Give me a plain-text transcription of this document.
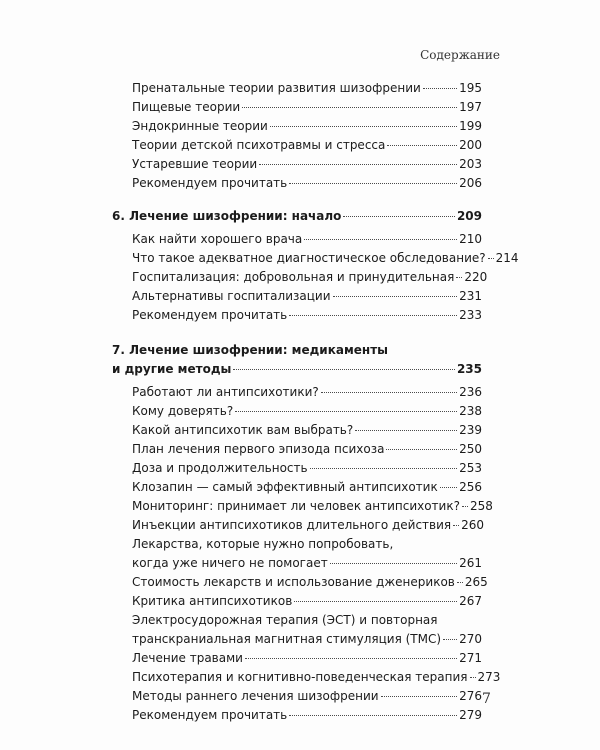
Содержание
Пренатальные теории развития шизофрении	195
Пищевые теории	197
Эндокринные теории	199
Теории детской психотравмы и стресса	200
Устаревшие теории	203
Рекомендуем прочитать	206
6. Лечение шизофрении: начало	209
Как найти хорошего врача	210
Что такое адекватное диагностическое обследование? 214
Госпитализация: добровольная и принудительная 220
Альтернативы госпитализации	231
Рекомендуем прочитать	233
7. Лечение шизофрении: медикаменты
и другие методы	235
Работают ли антипсихотики?	236
Кому доверять?	238
Какой антипсихотик вам выбрать?	239
План лечения первого эпизода психоза	250
Доза и продолжительность	253
Клозапин — самый эффективный антипсихотик 256
Мониторинг: принимает ли человек антипсихотик? 258
Инъекции антипсихотиков длительного действия 260
Лекарства, которые нужно попробовать,
когда уже ничего не помогает	261
Стоимость лекарств и использование дженериков 265
Критика антипсихотиков	267
Электросудорожная терапия (ЭСТ) и повторная
транскраниальная магнитная стимуляция (ТМС) 270
Лечение травами	271
Психотерапия и когнитивно-поведенческая терапия 273
Методы раннего лечения шизофрении	276
Рекомендуем прочитать	279
7
